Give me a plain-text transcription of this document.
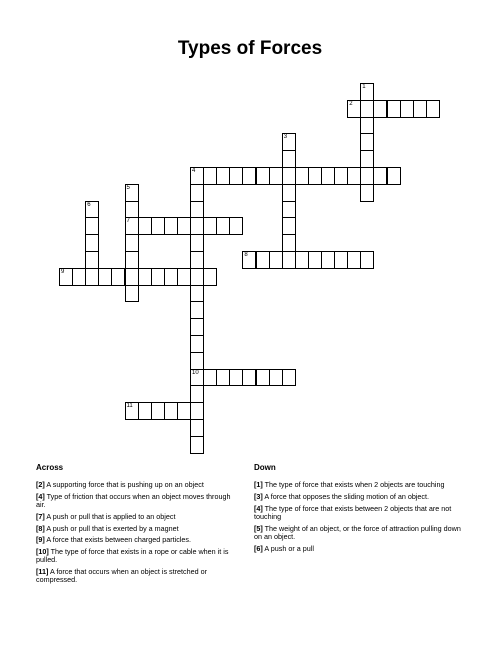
Types of Forces
2
4
7
8
9
10
11
1
3
5
6
Across
[2] A supporting force that is pushing up on an object
[4] Type of friction that occurs when an object moves through air.
[7] A push or pull that is applied to an object
[8] A push or pull that is exerted by a magnet
[9] A force that exists between charged particles.
[10] The type of force that exists in a rope or cable when it is pulled.
[11] A force that occurs when an object is stretched or compressed.
Down
[1] The type of force that exists when 2 objects are touching
[3] A force that opposes the sliding motion of an object.
[4] The type of force that exists between 2 objects that are not touching
[5] The weight of an object, or the force of attraction pulling down on an object.
[6] A push or a pull
